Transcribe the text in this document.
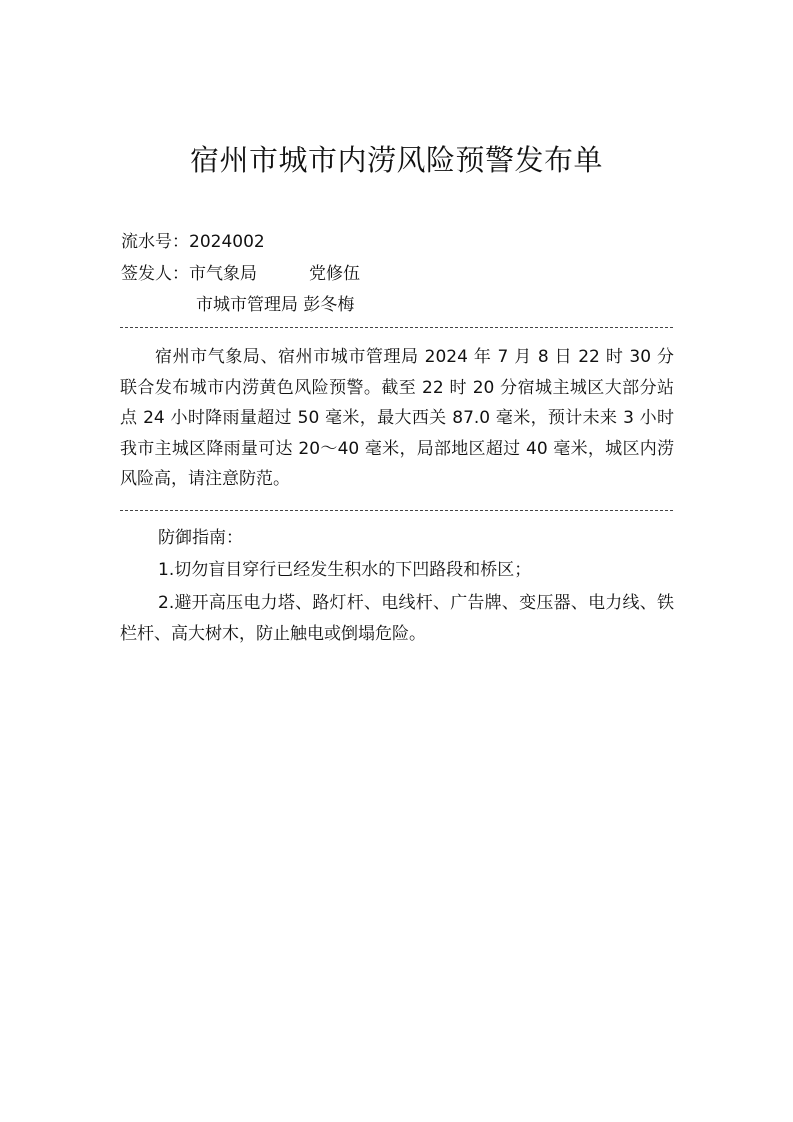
宿州市城市内涝风险预警发布单
流水号：2024002
签发人：市气象局	党修伍
市城市管理局 彭冬梅

宿州市气象局、宿州市城市管理局 2024 年 7 月 8 日 22 时 30 分联合发布城市内涝黄色风险预警。截至 22 时 20 分宿城主城区大部分站点 24 小时降雨量超过 50 毫米，最大西关 87.0 毫米，预计未来 3 小时我市主城区降雨量可达 20～40 毫米，局部地区超过 40 毫米，城区内涝风险高，请注意防范。

防御指南：

1.切勿盲目穿行已经发生积水的下凹路段和桥区；

2.避开高压电力塔、路灯杆、电线杆、广告牌、变压器、电力线、铁栏杆、高大树木，防止触电或倒塌危险。
